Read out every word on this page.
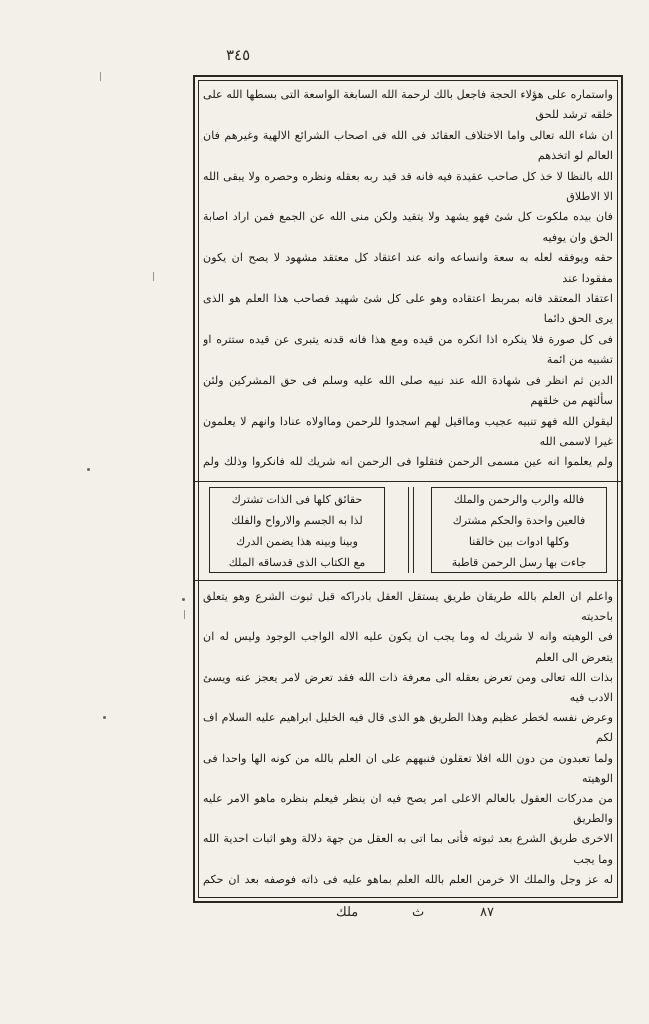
٣٤٥

واستماره على هؤلاء الحجة فاجعل بالك لرحمة الله السابغة الواسعة التى بسطها الله على خلقه ترشد للحق

ان شاء الله تعالى واما الاختلاف العقائد فى الله فى اصحاب الشرائع الالهية وغيرهم فان العالم لو اتخذهم

الله بالنظا لا خذ كل صاحب عقيدة فيه فانه قد قيد ربه بعقله ونظره وحصره ولا يبقى الله الا الاطلاق

فان بيده ملكوت كل شئ فهو يشهد ولا يتقيد ولكن منى الله عن الجمع فمن اراد اصابة الحق وان يوفيه

حقه ويوفقه لعله به سعة وانساعه وانه عند اعتقاد كل معتقد مشهود لا يصح ان يكون مفقودا عند

اعتقاد المعتقد فانه بمربط اعتقاده وهو على كل شئ شهيد فصاحب هذا العلم هو الذى يرى الحق دائما

فى كل صورة فلا ينكره اذا انكره من قيده ومع هذا فانه قدنه يتبرى عن قيده ستتره او تشبيه من ائمة

الدين ثم انظر فى شهادة الله عند نبيه صلى الله عليه وسلم فى حق المشركين ولئن سألتهم من خلقهم

ليقولن الله فهو تنبيه عجيب ومااقيل لهم اسجدوا للرحمن ومااولاه عنادا وانهم لا يعلمون غيرا لاسمى الله

ولم يعلموا انه عين مسمى الرحمن فتقلوا فى الرحمن انه شريك لله فانكروا وذلك ولم

فالله والرب والرحمن والملك
فالعين واحدة والحكم مشترك
وكلها ادوات بين خالقنا
جاءت بها رسل الرحمن قاطبة
حقائق كلها فى الذات تشترك
لذا به الجسم والارواح والفلك
وبينا وبينه هذا يضمن الدرك
مع الكتاب الذى قدساقه الملك

واعلم ان العلم بالله طريقان طريق يستقل العقل بادراكه قبل ثبوت الشرع وهو يتعلق باحديته

فى الوهيته وانه لا شريك له وما يجب ان يكون عليه الاله الواجب الوجود وليس له ان يتعرض الى العلم

بذات الله تعالى ومن تعرض بعقله الى معرفة ذات الله فقد تعرض لامر يعجز عنه ويسئ الادب فيه

وعرض نفسه لخطر عظيم وهذا الطريق هو الذى قال فيه الخليل ابراهيم عليه السلام اف لكم

ولما تعبدون من دون الله افلا تعقلون فنبههم على ان العلم بالله من كونه الها واحدا فى الوهيته

من مدركات العقول بالعالم الاعلى امر يصح فيه ان ينظر فيعلم بنظره ماهو الامر عليه والطريق

الاخرى طريق الشرع بعد ثبوته فأتى بما اتى به العقل من جهة دلالة وهو اثبات احدية الله وما يجب

له عز وجل والملك الا خرمن العلم بالله العلم بماهو عليه فى ذاته فوصفه بعد ان حكم

ملك	ث	٨٧
